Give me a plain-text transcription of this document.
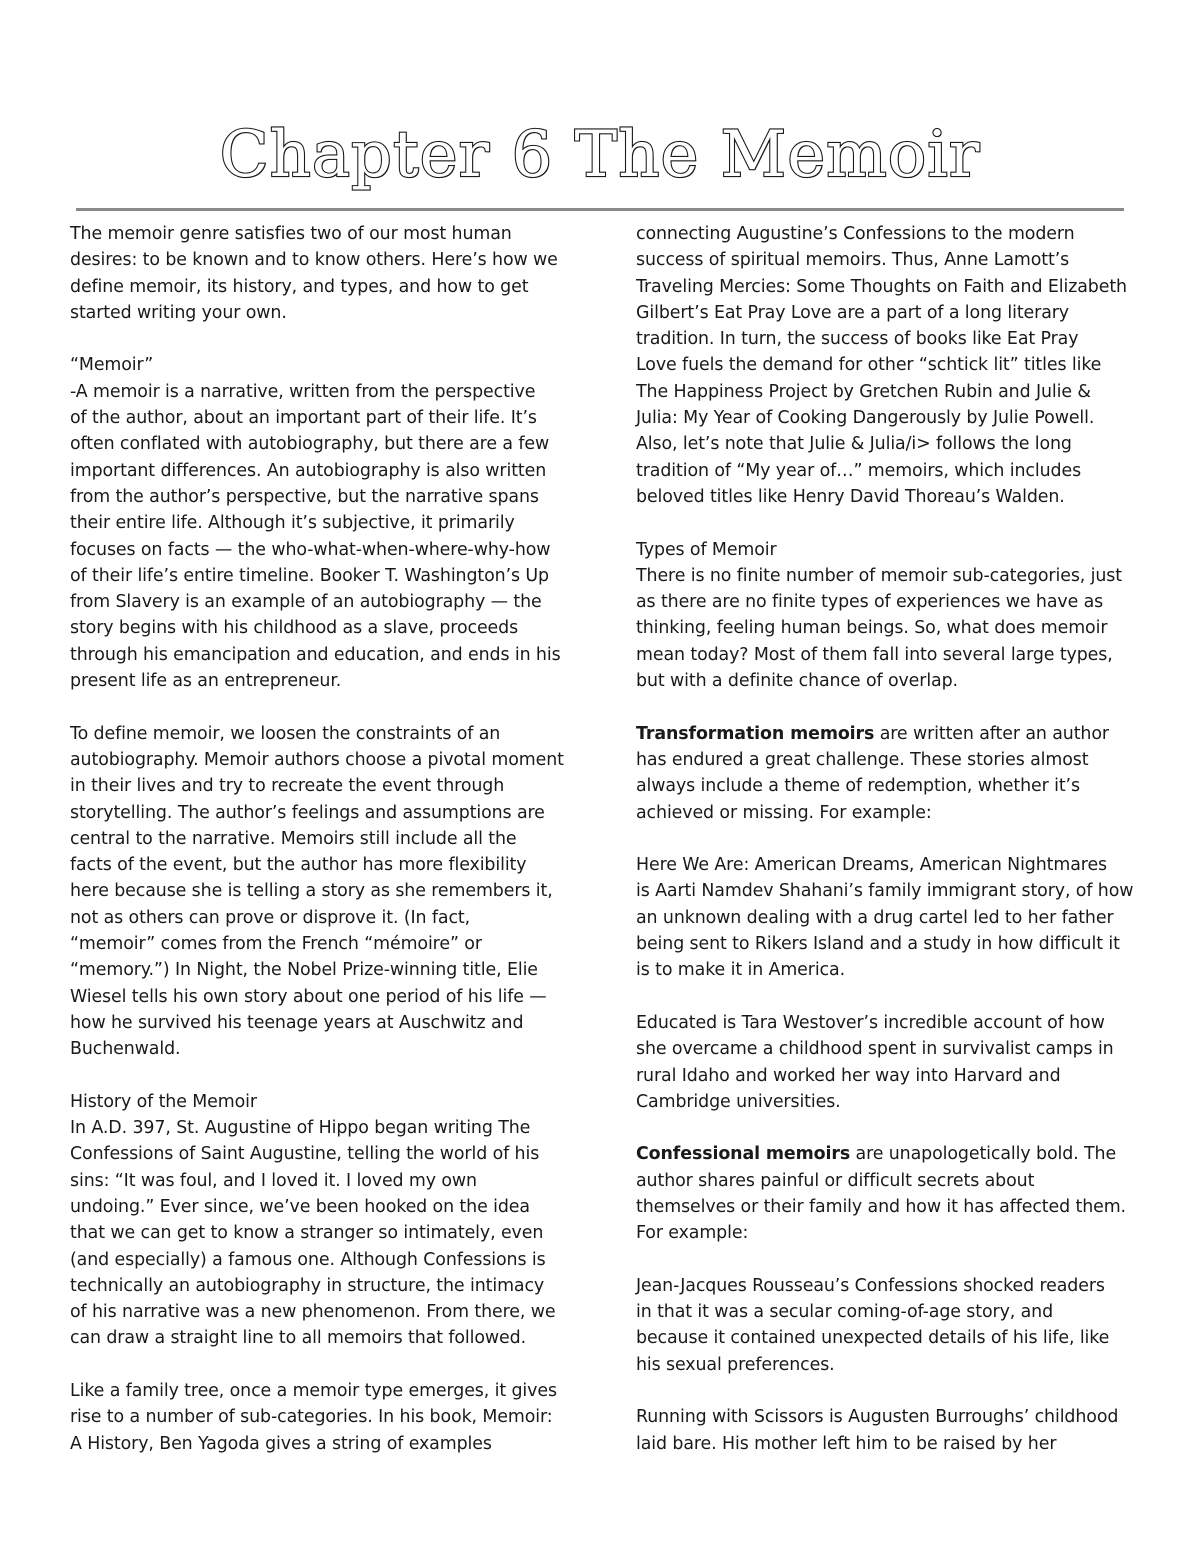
Chapter 6 The Memoir
The memoir genre satisfies two of our most human
desires: to be known and to know others. Here’s how we
define memoir, its history, and types, and how to get
started writing your own.
“Memoir”
-A memoir is a narrative, written from the perspective
of the author, about an important part of their life. It’s
often conflated with autobiography, but there are a few
important differences. An autobiography is also written
from the author’s perspective, but the narrative spans
their entire life. Although it’s subjective, it primarily
focuses on facts — the who-what-when-where-why-how
of their life’s entire timeline. Booker T. Washington’s Up
from Slavery is an example of an autobiography — the
story begins with his childhood as a slave, proceeds
through his emancipation and education, and ends in his
present life as an entrepreneur.
To define memoir, we loosen the constraints of an
autobiography. Memoir authors choose a pivotal moment
in their lives and try to recreate the event through
storytelling. The author’s feelings and assumptions are
central to the narrative. Memoirs still include all the
facts of the event, but the author has more flexibility
here because she is telling a story as she remembers it,
not as others can prove or disprove it. (In fact,
“memoir” comes from the French “mémoire” or
“memory.”) In Night, the Nobel Prize-winning title, Elie
Wiesel tells his own story about one period of his life —
how he survived his teenage years at Auschwitz and
Buchenwald.
History of the Memoir
In A.D. 397, St. Augustine of Hippo began writing The
Confessions of Saint Augustine, telling the world of his
sins: “It was foul, and I loved it. I loved my own
undoing.” Ever since, we’ve been hooked on the idea
that we can get to know a stranger so intimately, even
(and especially) a famous one. Although Confessions is
technically an autobiography in structure, the intimacy
of his narrative was a new phenomenon. From there, we
can draw a straight line to all memoirs that followed.
Like a family tree, once a memoir type emerges, it gives
rise to a number of sub-categories. In his book, Memoir:
A History, Ben Yagoda gives a string of examples
connecting Augustine’s Confessions to the modern
success of spiritual memoirs. Thus, Anne Lamott’s
Traveling Mercies: Some Thoughts on Faith and Elizabeth
Gilbert’s Eat Pray Love are a part of a long literary
tradition. In turn, the success of books like Eat Pray
Love fuels the demand for other “schtick lit” titles like
The Happiness Project by Gretchen Rubin and Julie &
Julia: My Year of Cooking Dangerously by Julie Powell.
Also, let’s note that Julie & Julia/i> follows the long
tradition of “My year of…” memoirs, which includes
beloved titles like Henry David Thoreau’s Walden.
Types of Memoir
There is no finite number of memoir sub-categories, just
as there are no finite types of experiences we have as
thinking, feeling human beings. So, what does memoir
mean today? Most of them fall into several large types,
but with a definite chance of overlap.
Transformation memoirs are written after an author
has endured a great challenge. These stories almost
always include a theme of redemption, whether it’s
achieved or missing. For example:
Here We Are: American Dreams, American Nightmares
is Aarti Namdev Shahani’s family immigrant story, of how
an unknown dealing with a drug cartel led to her father
being sent to Rikers Island and a study in how difficult it
is to make it in America.
Educated is Tara Westover’s incredible account of how
she overcame a childhood spent in survivalist camps in
rural Idaho and worked her way into Harvard and
Cambridge universities.
Confessional memoirs are unapologetically bold. The
author shares painful or difficult secrets about
themselves or their family and how it has affected them.
For example:
Jean-Jacques Rousseau’s Confessions shocked readers
in that it was a secular coming-of-age story, and
because it contained unexpected details of his life, like
his sexual preferences.
Running with Scissors is Augusten Burroughs’ childhood
laid bare. His mother left him to be raised by her
